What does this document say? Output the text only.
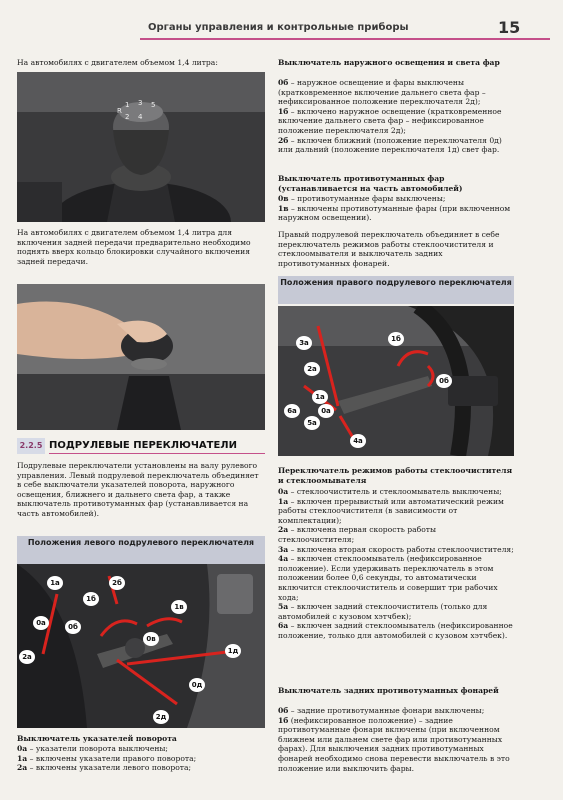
Органы управления и контрольные приборы	15

На автомобилях с двигателем объемом 1,4 литра:

1 3 5
2 4
R

На автомобилях с двигателем объемом 1,4 литра для включения задней передачи предварительно необходимо поднять вверх кольцо блокировки случайного включения задней передачи.

2.2.5 ПОДРУЛЕВЫЕ ПЕРЕКЛЮЧАТЕЛИ

Подрулевые переключатели установлены на валу рулевого управления. Левый подрулевой переключатель объединяет в себе выключатели указателей поворота, наружного освещения, ближнего и дальнего света фар, а также выключатель противотуманных фар (устанавливается на часть автомобилей).

Положения левого подрулевого переключателя
1а
0а
2а
1б
0б
2б
1в
0в
1д
0д
2д

Выключатель указателей поворота

0а – указатели поворота выключены;

1а – включены указатели правого поворота;

2а – включены указатели левого поворота;

Выключатель наружного освещения и света фар

0б – наружное освещение и фары выключены (кратковременное включение дальнего света фар – нефиксированное положение переключателя 2д);

1б – включено наружное освещение (кратковременное включение дальнего света фар – нефиксированное положение переключателя 2д);

2б – включен ближний (положение переключателя 0д) или дальний (положение переключателя 1д) свет фар.

Выключатель противотуманных фар (устанавливается на часть автомобилей)

0в – противотуманные фары выключены;

1в – включены противотуманные фары (при включенном наружном освещении).

Правый подрулевой переключатель объединяет в себе переключатель режимов работы стеклоочистителя и стеклоомывателя и выключатель задних противотуманных фонарей.

Положения правого подрулевого переключателя
3а
2а
1а
0а
5а
6а
4а
1б
0б

Переключатель режимов работы стеклоочистителя и стеклоомывателя

0а – стеклоочиститель и стеклоомыватель выключены;

1а – включен прерывистый или автоматический режим работы стеклоочистителя (в зависимости от комплектации);

2а – включена первая скорость работы стеклоочистителя;

3а – включена вторая скорость работы стеклоочистителя;

4а – включен стеклоомыватель (нефиксированное положение). Если удерживать переключатель в этом положении более 0,6 секунды, то автоматически включится стеклоочиститель и совершит три рабочих хода;

5а – включен задний стеклоочиститель (только для автомобилей с кузовом хэтчбек);

6а – включен задний стеклоомыватель (нефиксированное положение, только для автомобилей с кузовом хэтчбек).

Выключатель задних противотуманных фонарей

0б – задние противотуманные фонари выключены;

1б (нефиксированное положение) – задние противотуманные фонари включены (при включенном ближнем или дальнем свете фар или противотуманных фарах). Для выключения задних противотуманных фонарей необходимо снова перевести выключатель в это положение или выключить фары.
